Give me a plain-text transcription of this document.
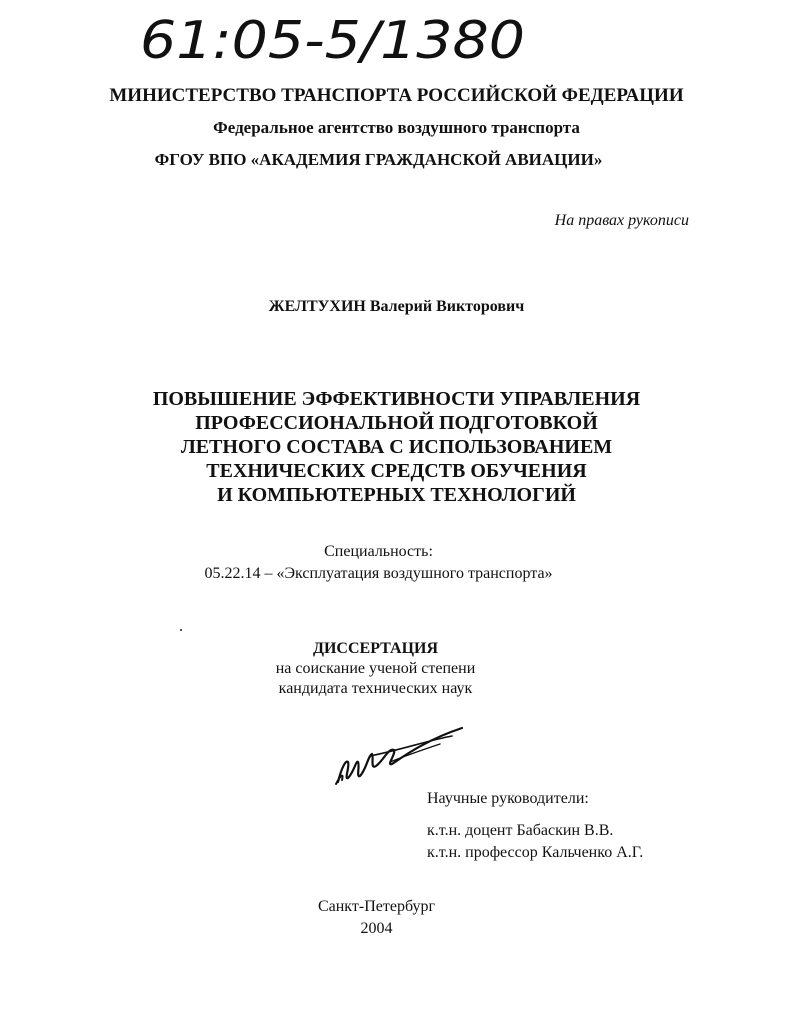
61:05-5/1380
МИНИСТЕРСТВО ТРАНСПОРТА РОССИЙСКОЙ ФЕДЕРАЦИИ
Федеральное агентство воздушного транспорта
ФГОУ ВПО «АКАДЕМИЯ ГРАЖДАНСКОЙ АВИАЦИИ»
На правах рукописи
ЖЕЛТУХИН Валерий Викторович
ПОВЫШЕНИЕ ЭФФЕКТИВНОСТИ УПРАВЛЕНИЯ
ПРОФЕССИОНАЛЬНОЙ ПОДГОТОВКОЙ
ЛЕТНОГО СОСТАВА С ИСПОЛЬЗОВАНИЕМ
ТЕХНИЧЕСКИХ СРЕДСТВ ОБУЧЕНИЯ
И КОМПЬЮТЕРНЫХ ТЕХНОЛОГИЙ
Специальность:
05.22.14 – «Эксплуатация воздушного транспорта»
ДИССЕРТАЦИЯ
на соискание ученой степени
кандидата технических наук
Научные руководители:
к.т.н. доцент Бабаскин В.В.
к.т.н. профессор Кальченко А.Г.
Санкт-Петербург
2004
